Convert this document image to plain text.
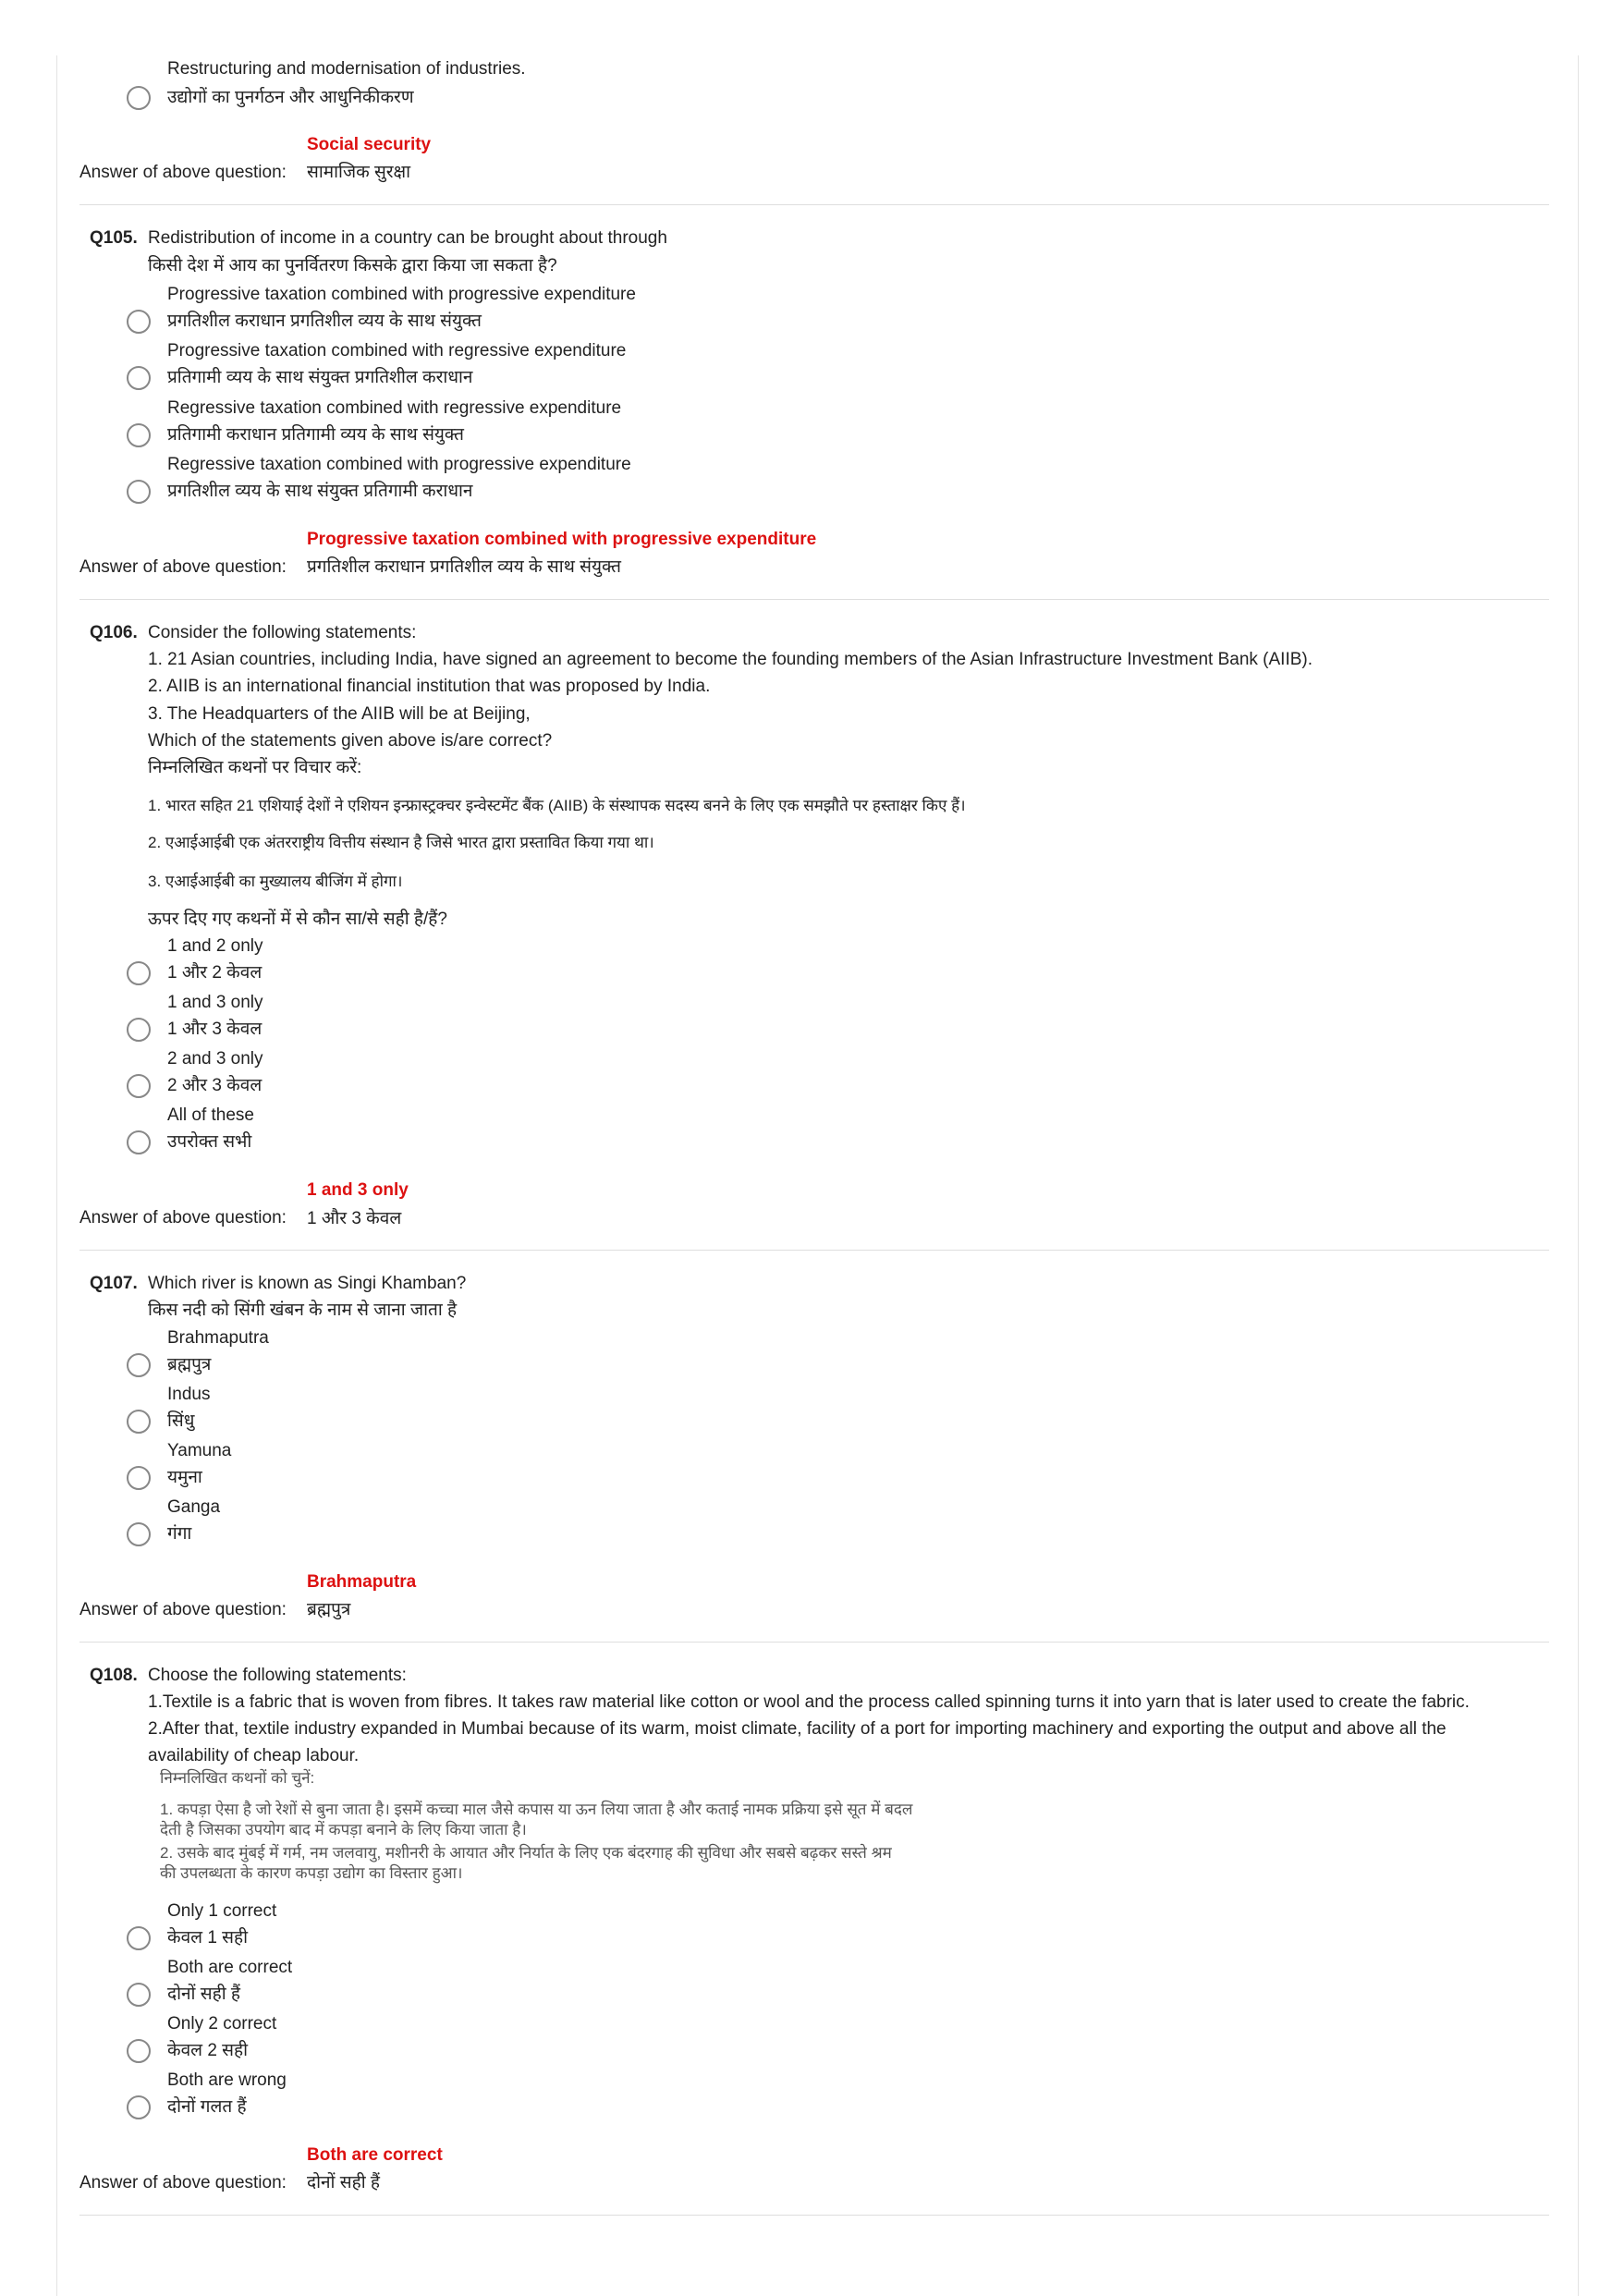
Restructuring and modernisation of industries.
उद्योगों का पुनर्गठन और आधुनिकीकरण
Social security
Answer of above question: सामाजिक सुरक्षा
Q105. Redistribution of income in a country can be brought about through
किसी देश में आय का पुनर्वितरण किसके द्वारा किया जा सकता है?
Progressive taxation combined with progressive expenditure
प्रगतिशील कराधान प्रगतिशील व्यय के साथ संयुक्त
Progressive taxation combined with regressive expenditure
प्रतिगामी व्यय के साथ संयुक्त प्रगतिशील कराधान
Regressive taxation combined with regressive expenditure
प्रतिगामी कराधान प्रतिगामी व्यय के साथ संयुक्त
Regressive taxation combined with progressive expenditure
प्रगतिशील व्यय के साथ संयुक्त प्रतिगामी कराधान
Progressive taxation combined with progressive expenditure
Answer of above question: प्रगतिशील कराधान प्रगतिशील व्यय के साथ संयुक्त
Q106. Consider the following statements:
1. 21 Asian countries, including India, have signed an agreement to become the founding members of the Asian Infrastructure Investment Bank (AIIB).
2. AIIB is an international financial institution that was proposed by India.
3. The Headquarters of the AIIB will be at Beijing,
Which of the statements given above is/are correct?
निम्नलिखित कथनों पर विचार करें:
1. भारत सहित 21 एशियाई देशों ने एशियन इन्फ्रास्ट्रक्चर इन्वेस्टमेंट बैंक (AIIB) के संस्थापक सदस्य बनने के लिए एक समझौते पर हस्ताक्षर किए हैं।
2. एआईआईबी एक अंतरराष्ट्रीय वित्तीय संस्थान है जिसे भारत द्वारा प्रस्तावित किया गया था।
3. एआईआईबी का मुख्यालय बीजिंग में होगा।
ऊपर दिए गए कथनों में से कौन सा/से सही है/हैं?
1 and 2 only
1 और 2 केवल
1 and 3 only
1 और 3 केवल
2 and 3 only
2 और 3 केवल
All of these
उपरोक्त सभी
1 and 3 only
Answer of above question: 1 और 3 केवल
Q107. Which river is known as Singi Khamban?
किस नदी को सिंगी खंबन के नाम से जाना जाता है
Brahmaputra
ब्रह्मपुत्र
Indus
सिंधु
Yamuna
यमुना
Ganga
गंगा
Brahmaputra
Answer of above question: ब्रह्मपुत्र
Q108. Choose the following statements:
1.Textile is a fabric that is woven from fibres. It takes raw material like cotton or wool and the process called spinning turns it into yarn that is later used to create the fabric.
2.After that, textile industry expanded in Mumbai because of its warm, moist climate, facility of a port for importing machinery and exporting the output and above all the
availability of cheap labour.
निम्नलिखित कथनों को चुनें:
1. कपड़ा ऐसा है जो रेशों से बुना जाता है। इसमें कच्चा माल जैसे कपास या ऊन लिया जाता है और कताई नामक प्रक्रिया इसे सूत में बदल
देती है जिसका उपयोग बाद में कपड़ा बनाने के लिए किया जाता है।
2. उसके बाद मुंबई में गर्म, नम जलवायु, मशीनरी के आयात और निर्यात के लिए एक बंदरगाह की सुविधा और सबसे बढ़कर सस्ते श्रम
की उपलब्धता के कारण कपड़ा उद्योग का विस्तार हुआ।
Only 1 correct
केवल 1 सही
Both are correct
दोनों सही हैं
Only 2 correct
केवल 2 सही
Both are wrong
दोनों गलत हैं
Both are correct
Answer of above question: दोनों सही हैं
